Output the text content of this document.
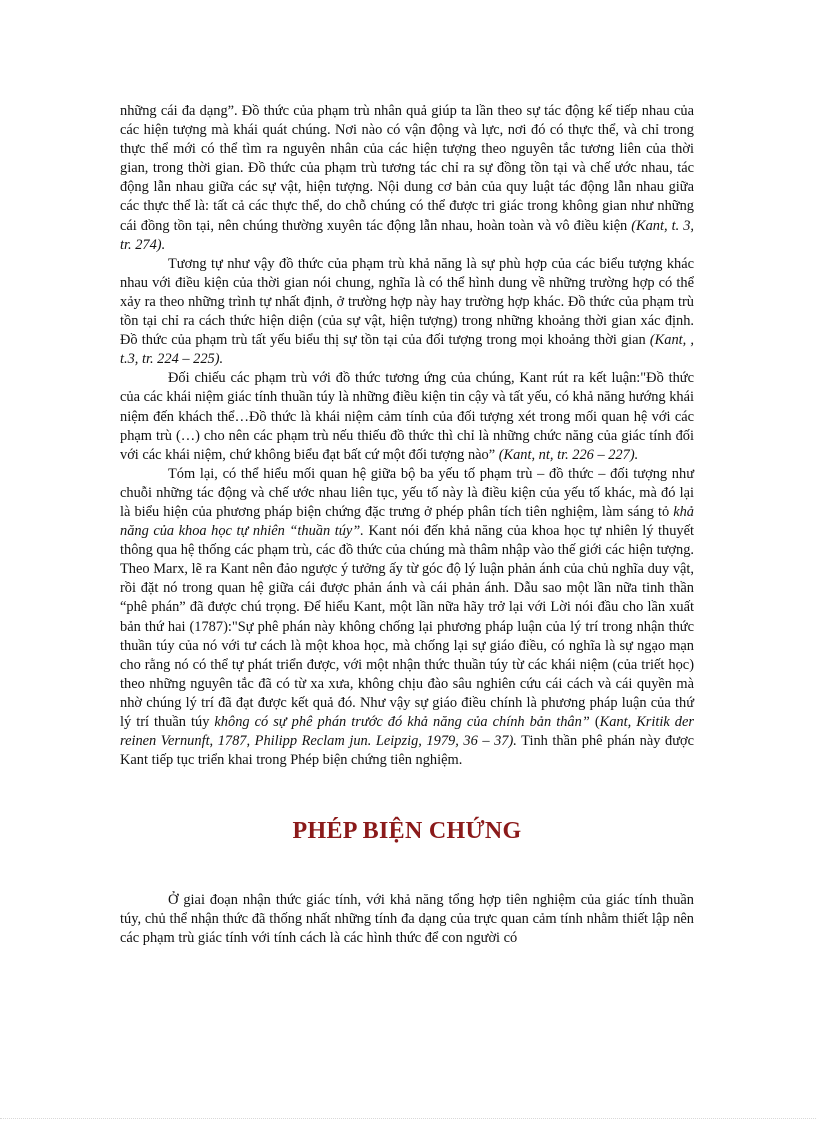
những cái đa dạng”. Đồ thức của phạm trù nhân quả giúp ta lần theo sự tác động kế tiếp nhau của các hiện tượng mà khái quát chúng. Nơi nào có vận động và lực, nơi đó có thực thể, và chỉ trong thực thể mới có thể tìm ra nguyên nhân của các hiện tượng theo nguyên tắc tương liên của thời gian, trong thời gian. Đồ thức của phạm trù tương tác chỉ ra sự đồng tồn tại và chế ước nhau, tác động lẫn nhau giữa các sự vật, hiện tượng. Nội dung cơ bản của quy luật tác động lẫn nhau giữa các thực thể là: tất cả các thực thể, do chỗ chúng có thể được tri giác trong không gian như những cái đồng tồn tại, nên chúng thường xuyên tác động lẫn nhau, hoàn toàn và vô điều kiện (Kant, t. 3, tr. 274).

Tương tự như vậy đồ thức của phạm trù khả năng là sự phù hợp của các biểu tượng khác nhau với điều kiện của thời gian nói chung, nghĩa là có thể hình dung về những trường hợp có thể xảy ra theo những trình tự nhất định, ở trường hợp này hay trường hợp khác. Đồ thức của phạm trù tồn tại chỉ ra cách thức hiện diện (của sự vật, hiện tượng) trong những khoảng thời gian xác định. Đồ thức của phạm trù tất yếu biểu thị sự tồn tại của đối tượng trong mọi khoảng thời gian (Kant, , t.3, tr. 224 – 225).

Đối chiếu các phạm trù với đồ thức tương ứng của chúng, Kant rút ra kết luận:"Đồ thức của các khái niệm giác tính thuần túy là những điều kiện tin cậy và tất yếu, có khả năng hướng khái niệm đến khách thể…Đồ thức là khái niệm cảm tính của đối tượng xét trong mối quan hệ với các phạm trù (…) cho nên các phạm trù nếu thiếu đồ thức thì chỉ là những chức năng của giác tính đối với các khái niệm, chứ không biểu đạt bất cứ một đối tượng nào” (Kant, nt, tr. 226 – 227).

Tóm lại, có thể hiểu mối quan hệ giữa bộ ba yếu tố phạm trù – đồ thức – đối tượng như chuỗi những tác động và chế ước nhau liên tục, yếu tố này là điều kiện của yếu tố khác, mà đó lại là biểu hiện của phương pháp biện chứng đặc trưng ở phép phân tích tiên nghiệm, làm sáng tỏ khả năng của khoa học tự nhiên “thuần túy”. Kant nói đến khả năng của khoa học tự nhiên lý thuyết thông qua hệ thống các phạm trù, các đồ thức của chúng mà thâm nhập vào thế giới các hiện tượng. Theo Marx, lẽ ra Kant nên đảo ngược ý tưởng ấy từ góc độ lý luận phản ánh của chủ nghĩa duy vật, rồi đặt nó trong quan hệ giữa cái được phản ánh và cái phản ánh. Dẫu sao một lần nữa tinh thần “phê phán” đã được chú trọng. Để hiểu Kant, một lần nữa hãy trở lại với Lời nói đầu cho lần xuất bản thứ hai (1787):"Sự phê phán này không chống lại phương pháp luận của lý trí trong nhận thức thuần túy của nó với tư cách là một khoa học, mà chống lại sự giáo điều, có nghĩa là sự ngạo mạn cho rằng nó có thể tự phát triển được, với một nhận thức thuần túy từ các khái niệm (của triết học) theo những nguyên tắc đã có từ xa xưa, không chịu đào sâu nghiên cứu cái cách và cái quyền mà nhờ chúng lý trí đã đạt được kết quả đó. Như vậy sự giáo điều chính là phương pháp luận của thứ lý trí thuần túy không có sự phê phán trước đó khả năng của chính bản thân” (Kant, Kritik der reinen Vernunft, 1787, Philipp Reclam jun. Leipzig, 1979, 36 – 37). Tinh thần phê phán này được Kant tiếp tục triển khai trong Phép biện chứng tiên nghiệm.

PHÉP BIỆN CHỨNG

Ở giai đoạn nhận thức giác tính, với khả năng tổng hợp tiên nghiệm của giác tính thuần túy, chủ thể nhận thức đã thống nhất những tính đa dạng của trực quan cảm tính nhằm thiết lập nên các phạm trù giác tính với tính cách là các hình thức để con người có
